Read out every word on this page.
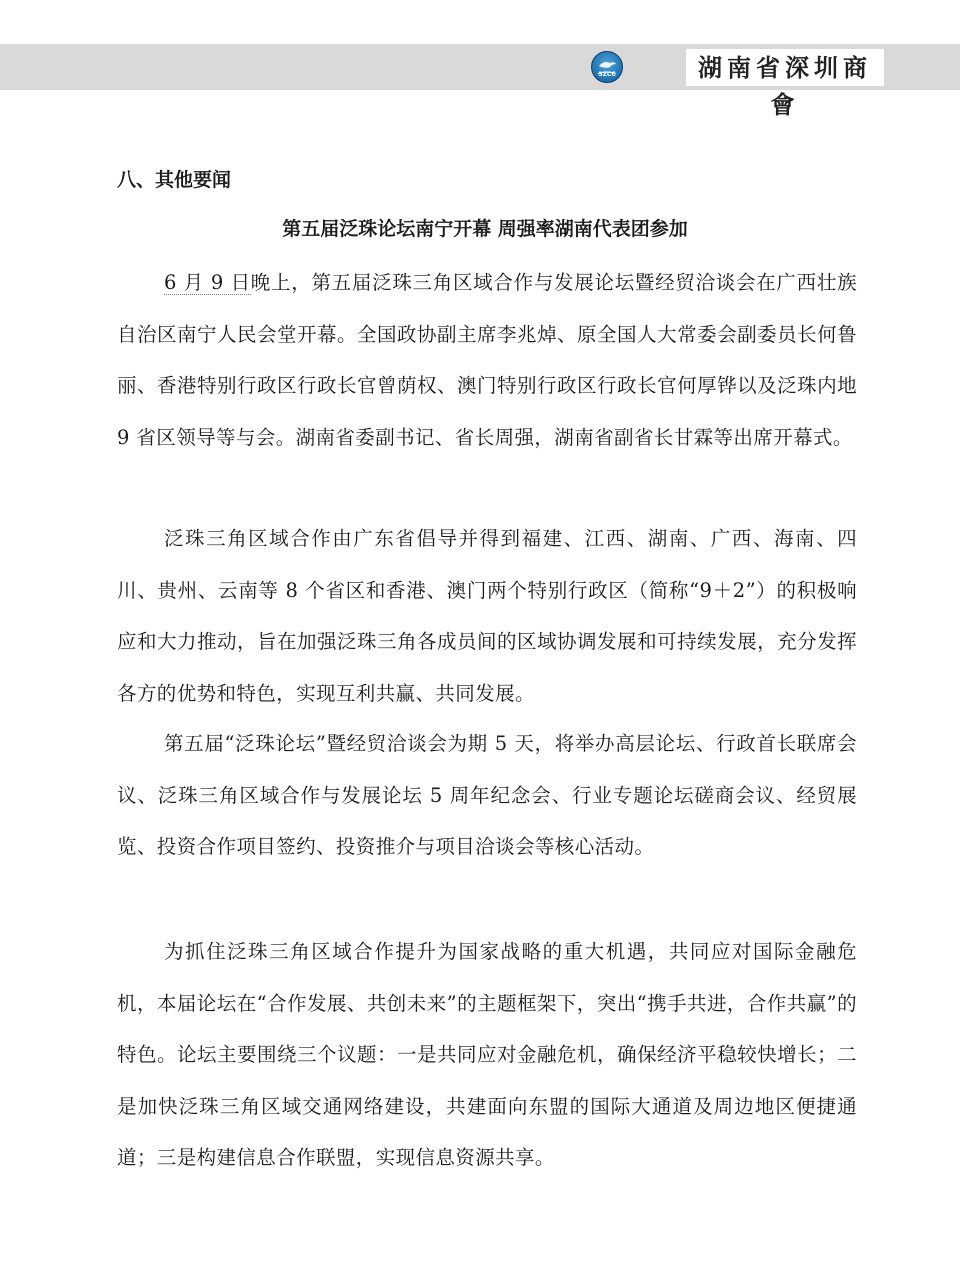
SZCC	湖南省深圳商會
八、其他要闻
第五届泛珠论坛南宁开幕 周强率湖南代表团参加

6 月 9 日晚上，第五届泛珠三角区域合作与发展论坛暨经贸洽谈会在广西壮族自治区南宁人民会堂开幕。全国政协副主席李兆焯、原全国人大常委会副委员长何鲁丽、香港特别行政区行政长官曾荫权、澳门特别行政区行政长官何厚铧以及泛珠内地 9 省区领导等与会。湖南省委副书记、省长周强，湖南省副省长甘霖等出席开幕式。

泛珠三角区域合作由广东省倡导并得到福建、江西、湖南、广西、海南、四川、贵州、云南等 8 个省区和香港、澳门两个特别行政区（简称“9＋2”）的积极响应和大力推动，旨在加强泛珠三角各成员间的区域协调发展和可持续发展，充分发挥各方的优势和特色，实现互利共赢、共同发展。

第五届“泛珠论坛”暨经贸洽谈会为期 5 天，将举办高层论坛、行政首长联席会议、泛珠三角区域合作与发展论坛 5 周年纪念会、行业专题论坛磋商会议、经贸展览、投资合作项目签约、投资推介与项目洽谈会等核心活动。

为抓住泛珠三角区域合作提升为国家战略的重大机遇，共同应对国际金融危机，本届论坛在“合作发展、共创未来”的主题框架下，突出“携手共进，合作共赢”的特色。论坛主要围绕三个议题：一是共同应对金融危机，确保经济平稳较快增长；二是加快泛珠三角区域交通网络建设，共建面向东盟的国际大通道及周边地区便捷通道；三是构建信息合作联盟，实现信息资源共享。
